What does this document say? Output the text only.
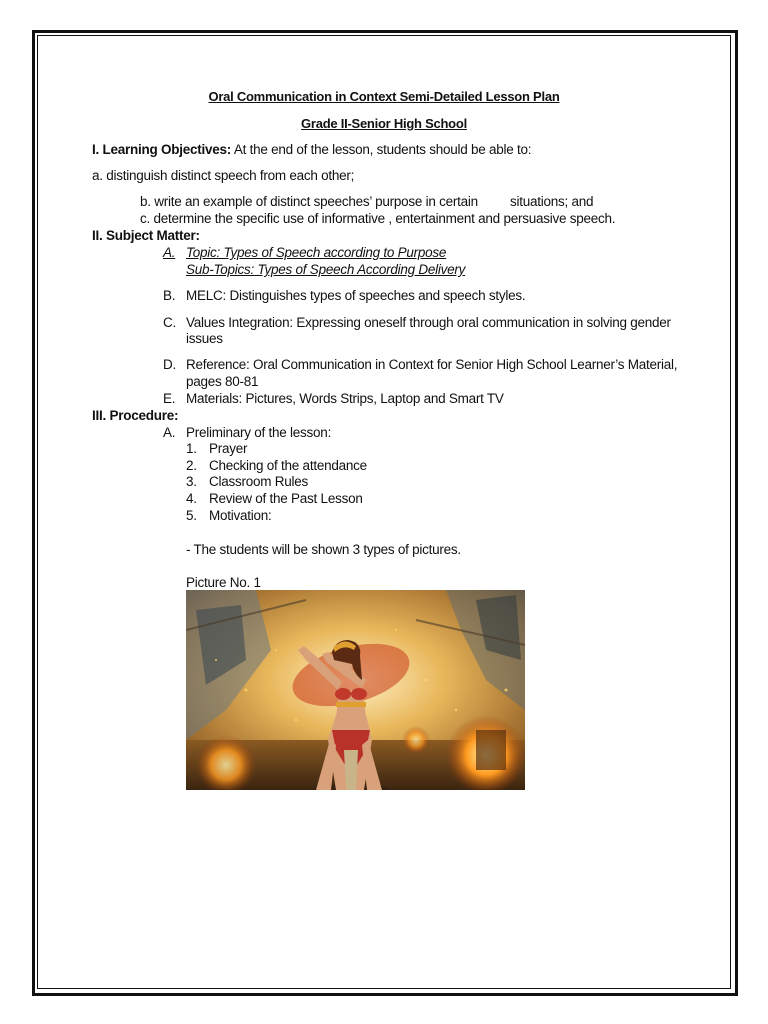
Oral Communication in Context Semi-Detailed Lesson Plan
Grade II-Senior High School
I. Learning Objectives: At the end of the lesson, students should be able to:
a. distinguish distinct speech from each other;
b. write an example of distinct speeches’ purpose in certain situations; and
c. determine the specific use of informative , entertainment and persuasive speech.
II. Subject Matter:
A. Topic: Types of Speech according to Purpose
Sub-Topics: Types of Speech According Delivery
B. MELC: Distinguishes types of speeches and speech styles.
C. Values Integration: Expressing oneself through oral communication in solving gender
issues
D. Reference: Oral Communication in Context for Senior High School Learner’s Material,
pages 80-81
E. Materials: Pictures, Words Strips, Laptop and Smart TV
III. Procedure:
A. Preliminary of the lesson:
1. Prayer
2. Checking of the attendance
3. Classroom Rules
4. Review of the Past Lesson
5. Motivation:
- The students will be shown 3 types of pictures.
Picture No. 1
